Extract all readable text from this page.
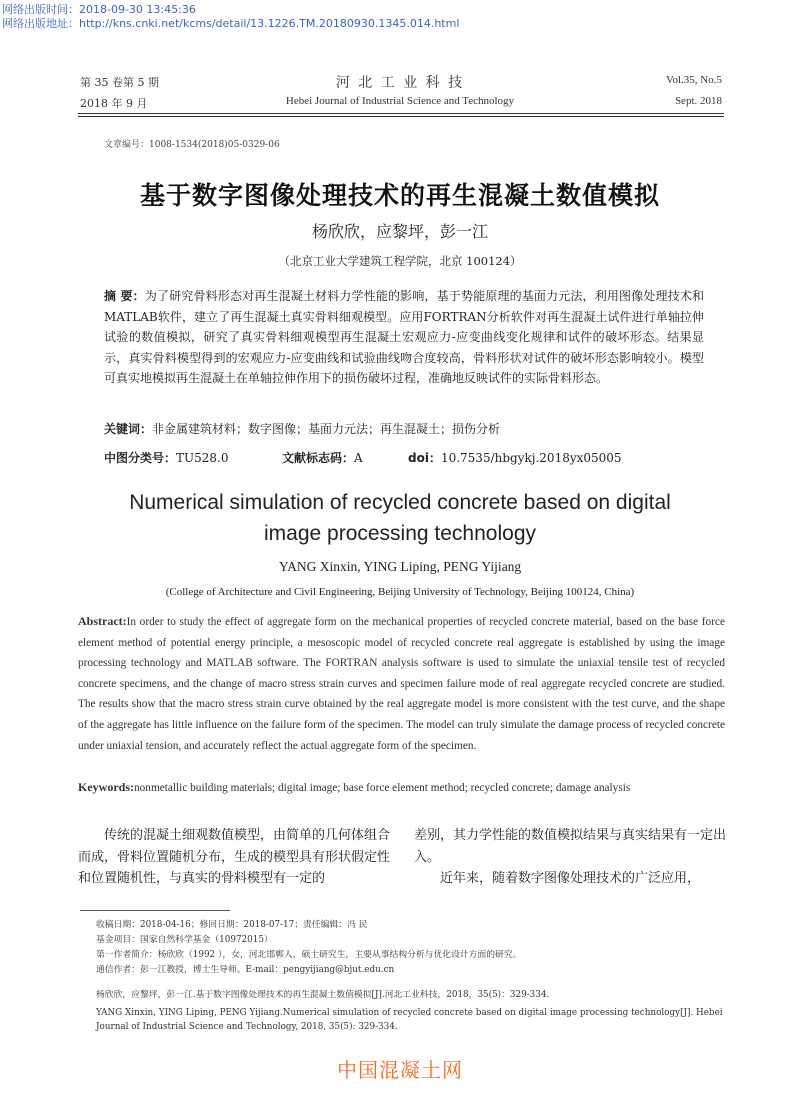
网络出版时间：2018-09-30 13:45:36
网络出版地址：http://kns.cnki.net/kcms/detail/13.1226.TM.20180930.1345.014.html
第 35 卷第 5 期
2018 年 9 月
河 北 工 业 科 技
Hebei Journal of Industrial Science and Technology
Vol.35, No.5
Sept. 2018
文章编号：1008-1534(2018)05-0329-06
基于数字图像处理技术的再生混凝土数值模拟
杨欣欣，应黎坪，彭一江
（北京工业大学建筑工程学院，北京 100124）
摘 要：为了研究骨料形态对再生混凝土材料力学性能的影响，基于势能原理的基面力元法，利用图像处理技术和MATLAB软件，建立了再生混凝土真实骨料细观模型。应用FORTRAN分析软件对再生混凝土试件进行单轴拉伸试验的数值模拟，研究了真实骨料细观模型再生混凝土宏观应力-应变曲线变化规律和试件的破坏形态。结果显示，真实骨料模型得到的宏观应力-应变曲线和试验曲线吻合度较高，骨料形状对试件的破坏形态影响较小。模型可真实地模拟再生混凝土在单轴拉伸作用下的损伤破坏过程，准确地反映试件的实际骨料形态。
关键词：非金属建筑材料；数字图像；基面力元法；再生混凝土；损伤分析
中图分类号：TU528.0	文献标志码：A	doi：10.7535/hbgykj.2018yx05005
Numerical simulation of recycled concrete based on digital
image processing technology
YANG Xinxin, YING Liping, PENG Yijiang
(College of Architecture and Civil Engineering, Beijing University of Technology, Beijing 100124, China)
Abstract:In order to study the effect of aggregate form on the mechanical properties of recycled concrete material, based on the base force element method of potential energy principle, a mesoscopic model of recycled concrete real aggregate is established by using the image processing technology and MATLAB software. The FORTRAN analysis software is used to simulate the uniaxial tensile test of recycled concrete specimens, and the change of macro stress strain curves and specimen failure mode of real aggregate recycled concrete are studied. The results show that the macro stress strain curve obtained by the real aggregate model is more consistent with the test curve, and the shape of the aggregate has little influence on the failure form of the specimen. The model can truly simulate the damage process of recycled concrete under uniaxial tension, and accurately reflect the actual aggregate form of the specimen.
Keywords:nonmetallic building materials; digital image; base force element method; recycled concrete; damage analysis
传统的混凝土细观数值模型，由简单的几何体组合而成，骨料位置随机分布，生成的模型具有形状假定性和位置随机性，与真实的骨料模型有一定的
差别，其力学性能的数值模拟结果与真实结果有一定出入。
近年来，随着数字图像处理技术的广泛应用，
收稿日期：2018-04-16；修回日期：2018-07-17；责任编辑：冯 民
基金项目：国家自然科学基金（10972015）
第一作者简介：杨欣欣（1992 ），女，河北邯郸人，硕士研究生，主要从事结构分析与优化设计方面的研究。
通信作者：彭一江教授，博士生导师。E-mail：pengyijiang@bjut.edu.cn
杨欣欣，应黎坪，彭一江.基于数字图像处理技术的再生混凝土数值模拟[J].河北工业科技，2018，35(5)：329-334.
YANG Xinxin, YING Liping, PENG Yijiang.Numerical simulation of recycled concrete based on digital image processing technology[J]. Hebei Journal of Industrial Science and Technology, 2018, 35(5): 329-334.
中国混凝土网
